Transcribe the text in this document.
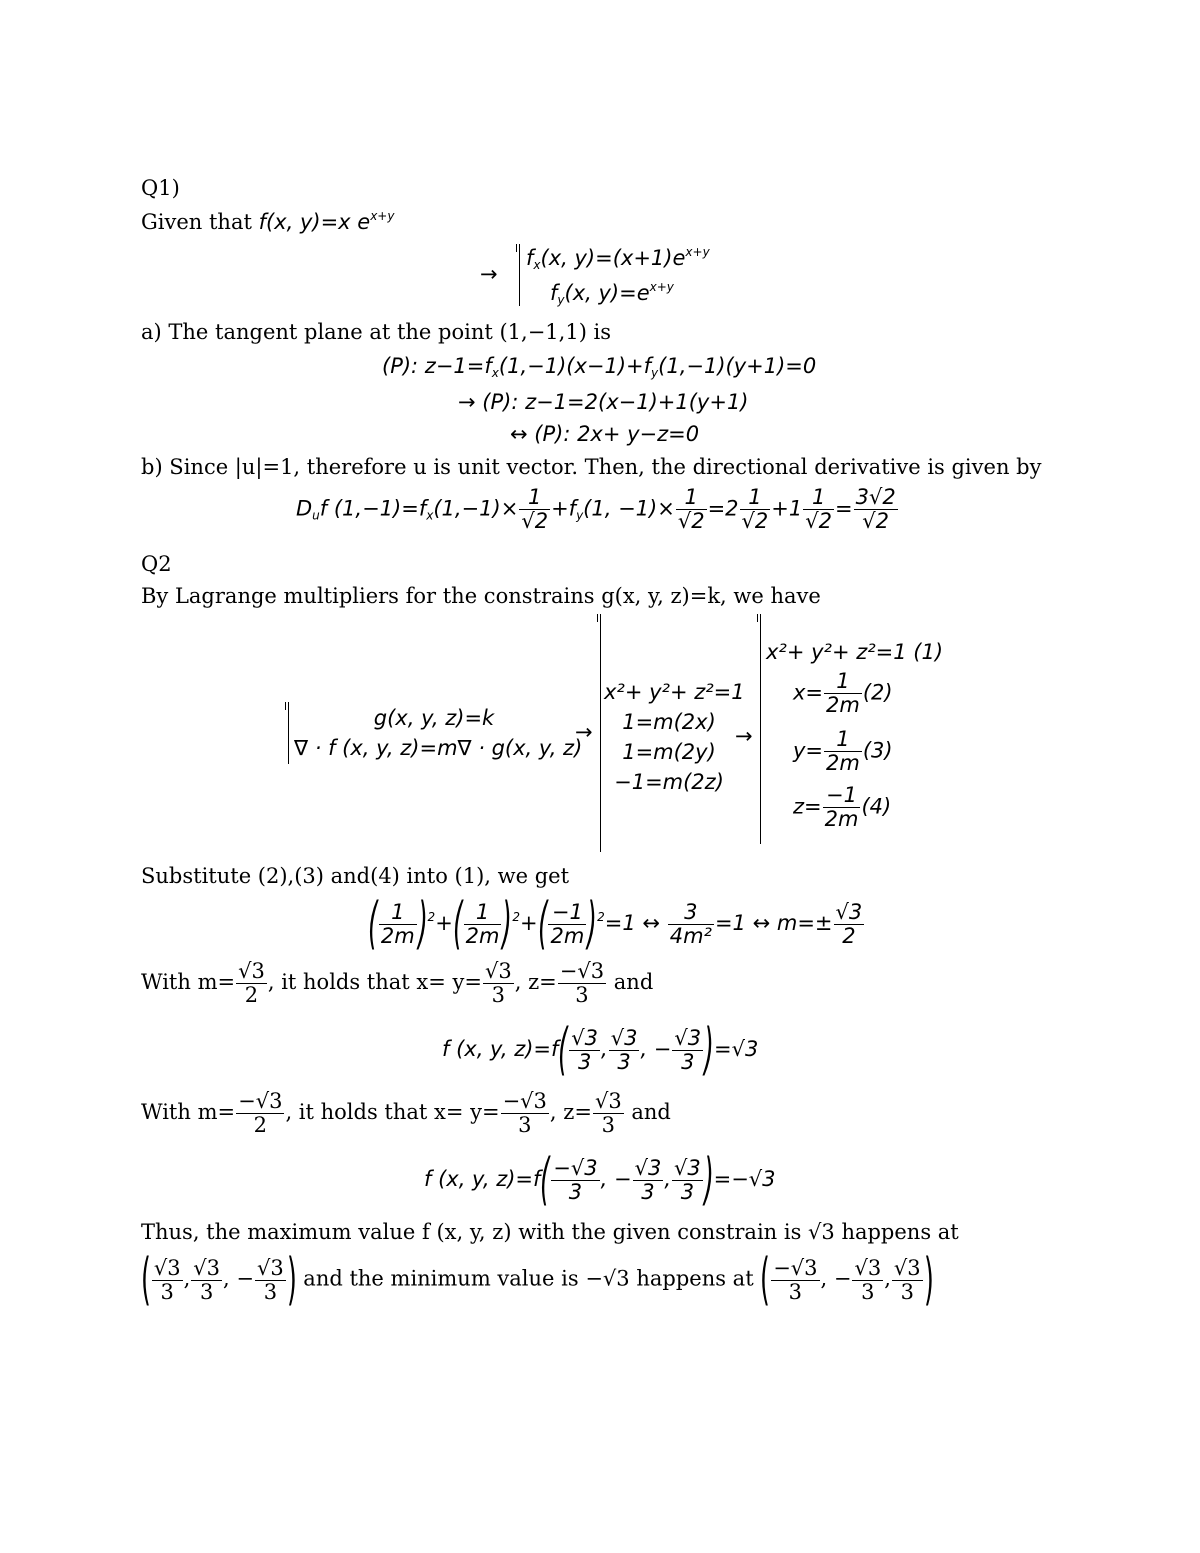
Q1)
Given that f(x, y)=x $e^{x+y}$
→
$f_x(x$, $y)=(x+1)e^{x+y}$
$f_y(x$, $y)=e^{x+y}$
a) The tangent plane at the point (1,−1,1) is
(P): $z-1=f_x(1,-1)(x-1)+f_y(1,-1)(y+1)=0$
→ (P): z−1=2(x−1)+1(y+1)
↔ (P): 2x+ y−z=0
b) Since |u|=1, therefore u is unit vector. Then, the directional derivative is given by
$D_uf$ $(1,-1)=f_x(1,-1)\times \frac{1}{√2} +f_y(1$, $-1)\times \frac{1}{√2} =2 \frac{1}{√2} +1 \frac{1}{√2} = \frac{3√2}{√2}$
Q2
By Lagrange multipliers for the constrains g(x, y, z)=k, we have
g(x, y, z)=k
∇ · f (x, y, z)=m∇ · g(x, y, z)
→
x²+ y²+ z²=1
1=m(2x)
1=m(2y)
−1=m(2z)
→
x²+ y²+ z²=1 (1)
$x= \frac{1}{2m} (2)$
$y= \frac{1}{2m} (3)$
$z= \frac{-1}{2m} (4)$
Substitute (2),(3) and(4) into (1), we get
( $\frac{1}{2m} )^2+( \frac{1}{2m} )^2+( \frac{-1}{2m} )^2=1$ ↔ $\frac{3}{\text{4m²}} =1$ ↔ $m=\pm \frac{√3}{2}$
With $m= \frac{√3}{2}$ , it holds that $x= y= \frac{√3}{3}$ , $z= \frac{-√3}{3}$ and
f (x, y, $z)=f( \frac{√3}{3}$ , $\frac{√3}{3}$ , − $\frac{√3}{3} )=√3$
With $m= \frac{-√3}{2}$ , it holds that $x= y= \frac{-√3}{3}$ , $z= \frac{√3}{3}$ and
f (x, y, $z)=f( \frac{-√3}{3}$ , − $\frac{√3}{3}$ , $\frac{√3}{3} )=-√3$
Thus, the maximum value f (x, y, z) with the given constrain is √3 happens at
( $\frac{√3}{3}$ , $\frac{√3}{3}$ , − $\frac{√3}{3}$ ) and the minimum value is −√3 happens at ( $\frac{-√3}{3}$ , − $\frac{√3}{3}$ , $\frac{√3}{3}$ )
